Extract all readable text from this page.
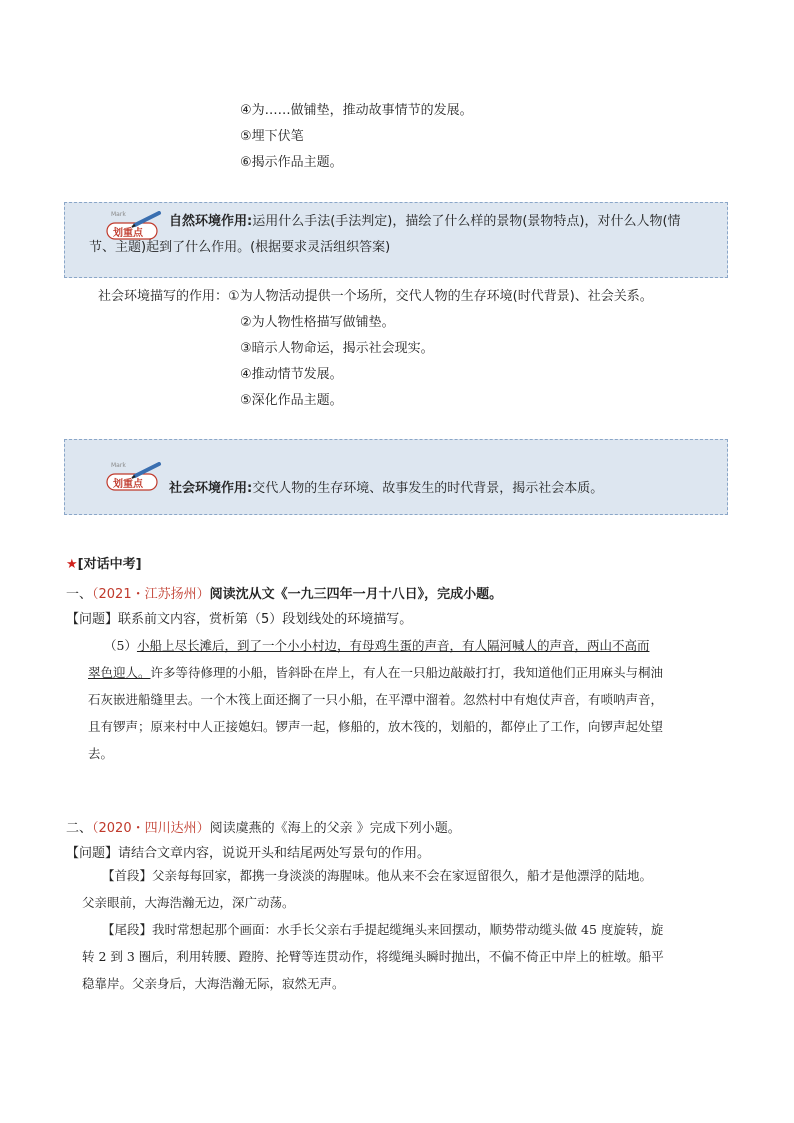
④为……做铺垫，推动故事情节的发展。
⑤埋下伏笔
⑥揭示作品主题。
Mark
划重点
自然环境作用:运用什么手法(手法判定)，描绘了什么样的景物(景物特点)，对什么人物(情
节、主题)起到了什么作用。(根据要求灵活组织答案)
社会环境描写的作用：①为人物活动提供一个场所，交代人物的生存环境(时代背景)、社会关系。
②为人物性格描写做铺垫。
③暗示人物命运，揭示社会现实。
④推动情节发展。
⑤深化作品主题。
Mark
划重点 社会环境作用:交代人物的生存环境、故事发生的时代背景，揭示社会本质。
★[对话中考]
一、（2021・江苏扬州）阅读沈从文《一九三四年一月十八日》，完成小题。
【问题】联系前文内容，赏析第（5）段划线处的环境描写。
（5）小船上尽长滩后，到了一个小小村边，有母鸡生蛋的声音，有人隔河喊人的声音，两山不高而
翠色迎人。许多等待修理的小船，皆斜卧在岸上，有人在一只船边敲敲打打，我知道他们正用麻头与桐油
石灰嵌进船缝里去。一个木筏上面还搁了一只小船，在平潭中溜着。忽然村中有炮仗声音，有唢呐声音，
且有锣声；原来村中人正接媳妇。锣声一起，修船的，放木筏的，划船的，都停止了工作，向锣声起处望
去。
二、（2020・四川达州）阅读虞燕的《海上的父亲 》完成下列小题。
【问题】请结合文章内容，说说开头和结尾两处写景句的作用。
【首段】父亲每每回家，都携一身淡淡的海腥味。他从来不会在家逗留很久，船才是他漂浮的陆地。
父亲眼前，大海浩瀚无边，深广动荡。
【尾段】我时常想起那个画面：水手长父亲右手提起缆绳头来回摆动，顺势带动缆头做 45 度旋转，旋
转 2 到 3 圈后，利用转腰、蹬胯、抡臂等连贯动作，将缆绳头瞬时抛出，不偏不倚正中岸上的桩墩。船平
稳靠岸。父亲身后，大海浩瀚无际，寂然无声。
